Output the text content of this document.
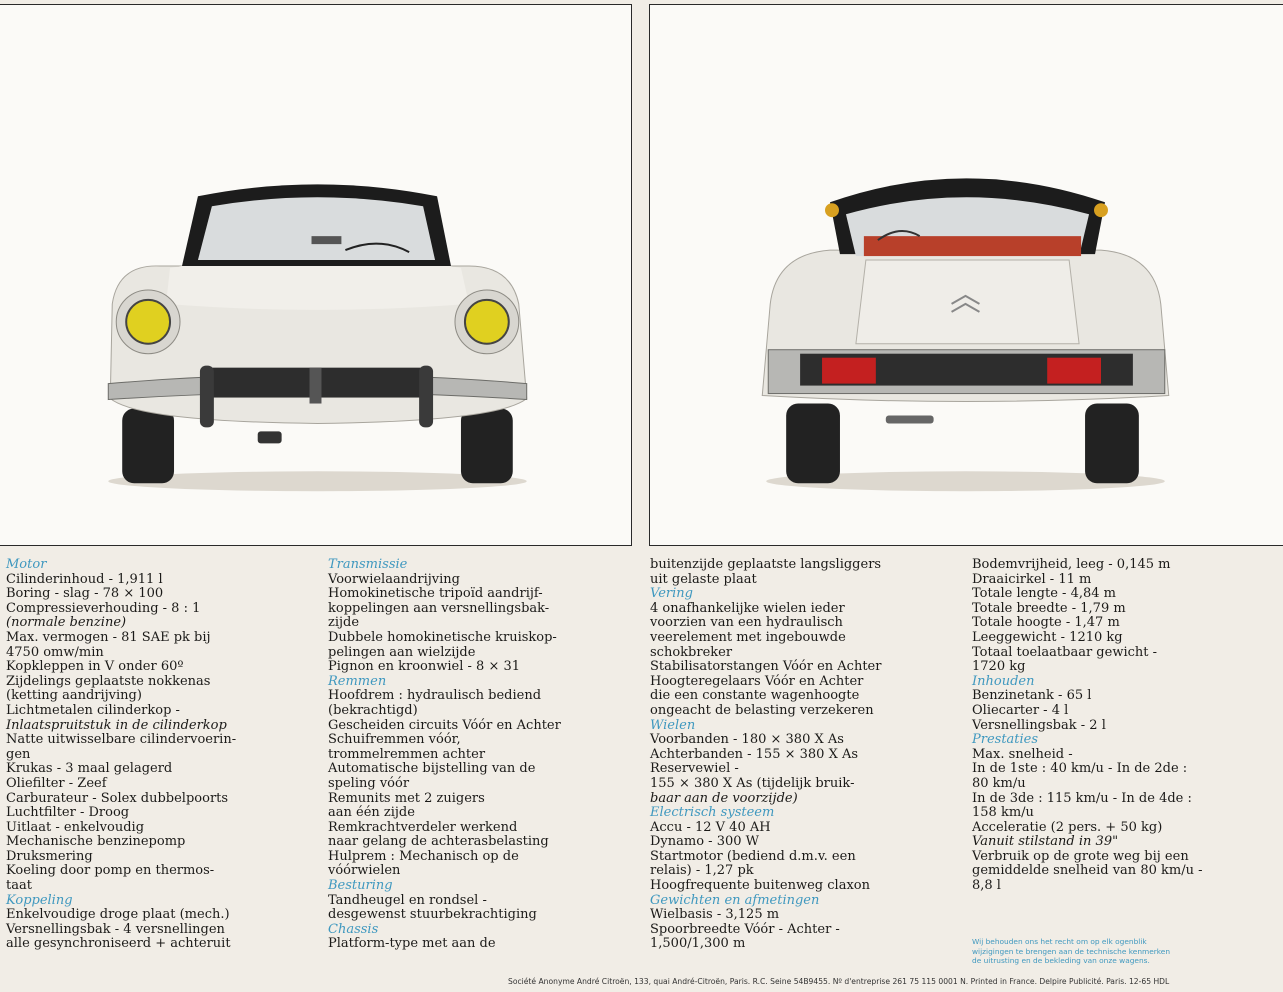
Motor
Cilinderinhoud - 1,911 l
Boring - slag - 78 × 100
Compressieverhouding - 8 : 1
(normale benzine)
Max. vermogen - 81 SAE pk bij
4750 omw/min
Kopkleppen in V onder 60º
Zijdelings geplaatste nokkenas
(ketting aandrijving)
Lichtmetalen cilinderkop -
Inlaatspruitstuk in de cilinderkop
Natte uitwisselbare cilindervoerin-
gen
Krukas - 3 maal gelagerd
Oliefilter - Zeef
Carburateur - Solex dubbelpoorts
Luchtfilter - Droog
Uitlaat - enkelvoudig
Mechanische benzinepomp
Druksmering
Koeling door pomp en thermos-
taat
Koppeling
Enkelvoudige droge plaat (mech.)
Versnellingsbak - 4 versnellingen
alle gesynchroniseerd + achteruit
Transmissie
Voorwielaandrijving
Homokinetische tripoïd aandrijf-
koppelingen aan versnellingsbak-
zijde
Dubbele homokinetische kruiskop-
pelingen aan wielzijde
Pignon en kroonwiel - 8 × 31
Remmen
Hoofdrem : hydraulisch bediend
(bekrachtigd)
Gescheiden circuits Vóór en Achter
Schuifremmen vóór,
trommelremmen achter
Automatische bijstelling van de
speling vóór
Remunits met 2 zuigers
aan één zijde
Remkrachtverdeler werkend
naar gelang de achterasbelasting
Hulprem : Mechanisch op de
vóórwielen
Besturing
Tandheugel en rondsel -
desgewenst stuurbekrachtiging
Chassis
Platform-type met aan de
buitenzijde geplaatste langsliggers
uit gelaste plaat
Vering
4 onafhankelijke wielen ieder
voorzien van een hydraulisch
veerelement met ingebouwde
schokbreker
Stabilisatorstangen Vóór en Achter
Hoogteregelaars Vóór en Achter
die een constante wagenhoogte
ongeacht de belasting verzekeren
Wielen
Voorbanden - 180 × 380 X As
Achterbanden - 155 × 380 X As
Reservewiel -
155 × 380 X As (tijdelijk bruik-
baar aan de voorzijde)
Electrisch systeem
Accu - 12 V 40 AH
Dynamo - 300 W
Startmotor (bediend d.m.v. een
relais) - 1,27 pk
Hoogfrequente buitenweg claxon
Gewichten en afmetingen
Wielbasis - 3,125 m
Spoorbreedte Vóór - Achter -
1,500/1,300 m
Bodemvrijheid, leeg - 0,145 m
Draaicirkel - 11 m
Totale lengte - 4,84 m
Totale breedte - 1,79 m
Totale hoogte - 1,47 m
Leeggewicht - 1210 kg
Totaal toelaatbaar gewicht -
1720 kg
Inhouden
Benzinetank - 65 l
Oliecarter - 4 l
Versnellingsbak - 2 l
Prestaties
Max. snelheid -
In de 1ste : 40 km/u - In de 2de :
80 km/u
In de 3de : 115 km/u - In de 4de :
158 km/u
Acceleratie (2 pers. + 50 kg)
Vanuit stilstand in 39"
Verbruik op de grote weg bij een
gemiddelde snelheid van 80 km/u -
8,8 l
Wij behouden ons het recht om op elk ogenblik
wijzigingen te brengen aan de technische kenmerken
de uitrusting en de bekleding van onze wagens.
Société Anonyme André Citroën, 133, quai André-Citroën, Paris. R.C. Seine 54B9455. Nº d'entreprise 261 75 115 0001 N. Printed in France. Delpire Publicité. Paris. 12-65 HDL
